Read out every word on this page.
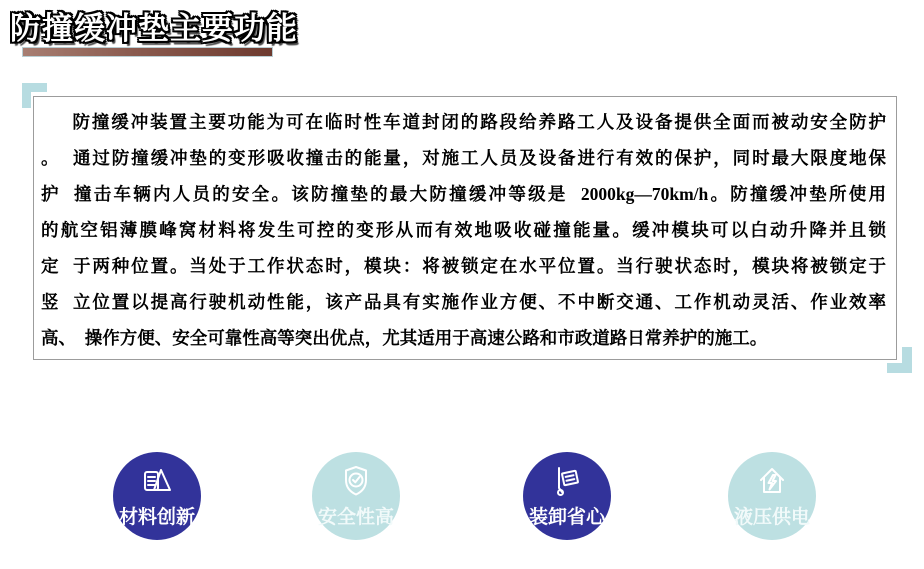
防撞缓冲垫主要功能
防撞缓冲装置主要功能为可在临时性车道封闭的路段给养路工人及设备提供全面而被动安全防护
。  通过防撞缓冲垫的变形吸收撞击的能量，对施工人员及设备进行有效的保护，同时最大限度地保
护  撞击车辆内人员的安全。该防撞垫的最大防撞缓冲等级是  2000kg—70km/h。防撞缓冲垫所使用
的航空铝薄膜峰窝材料将发生可控的变形从而有效地吸收碰撞能量。缓冲模块可以白动升降并且锁
定  于两种位置。当处于工作状态时，模块：将被锁定在水平位置。当行驶状态时，模块将被锁定于
竖  立位置以提高行驶机动性能，该产品具有实施作业方便、不中断交通、工作机动灵活、作业效率
高、  操作方便、安全可靠性高等突出优点，尤其适用于高速公路和市政道路日常养护的施工。
材料创新	安全性高	装卸省心	液压供电
